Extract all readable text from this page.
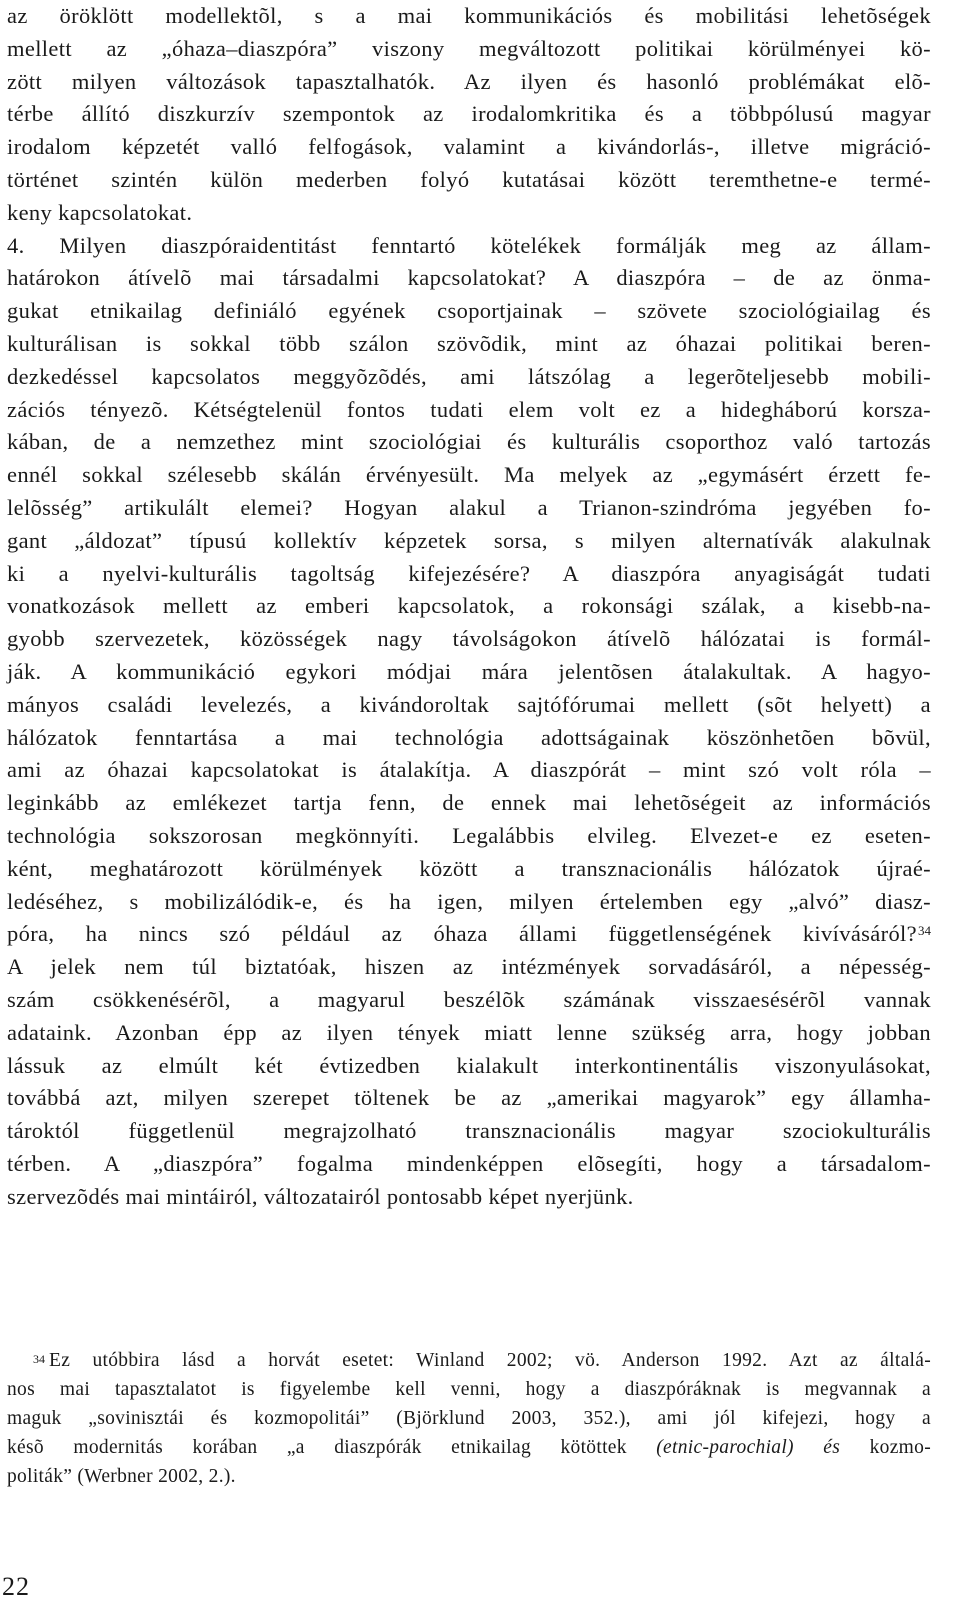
az öröklött modellektõl, s a mai kommunikációs és mobilitási lehetõségek
mellett az „óhaza–diaszpóra” viszony megváltozott politikai körülményei kö-
zött milyen változások tapasztalhatók. Az ilyen és hasonló problémákat elõ-
térbe állító diszkurzív szempontok az irodalomkritika és a többpólusú magyar
irodalom képzetét valló felfogások, valamint a kivándorlás-, illetve migráció-
történet szintén külön mederben folyó kutatásai között teremthetne-e termé-
keny kapcsolatokat.
4. Milyen diaszpóraidentitást fenntartó kötelékek formálják meg az állam-
határokon átívelõ mai társadalmi kapcsolatokat? A diaszpóra – de az önma-
gukat etnikailag definiáló egyének csoportjainak – szövete szociológiailag és
kulturálisan is sokkal több szálon szövõdik, mint az óhazai politikai beren-
dezkedéssel kapcsolatos meggyõzõdés, ami látszólag a legerõteljesebb mobili-
zációs tényezõ. Kétségtelenül fontos tudati elem volt ez a hidegháború korsza-
kában, de a nemzethez mint szociológiai és kulturális csoporthoz való tartozás
ennél sokkal szélesebb skálán érvényesült. Ma melyek az „egymásért érzett fe-
lelõsség” artikulált elemei? Hogyan alakul a Trianon-szindróma jegyében fo-
gant „áldozat” típusú kollektív képzetek sorsa, s milyen alternatívák alakulnak
ki a nyelvi-kulturális tagoltság kifejezésére? A diaszpóra anyagiságát tudati
vonatkozások mellett az emberi kapcsolatok, a rokonsági szálak, a kisebb-na-
gyobb szervezetek, közösségek nagy távolságokon átívelõ hálózatai is formál-
ják. A kommunikáció egykori módjai mára jelentõsen átalakultak. A hagyo-
mányos családi levelezés, a kivándoroltak sajtófórumai mellett (sõt helyett) a
hálózatok fenntartása a mai technológia adottságainak köszönhetõen bõvül,
ami az óhazai kapcsolatokat is átalakítja. A diaszpórát – mint szó volt róla –
leginkább az emlékezet tartja fenn, de ennek mai lehetõségeit az információs
technológia sokszorosan megkönnyíti. Legalábbis elvileg. Elvezet-e ez eseten-
ként, meghatározott körülmények között a transznacionális hálózatok újraé-
ledéséhez, s mobilizálódik-e, és ha igen, milyen értelemben egy „alvó” diasz-
póra, ha nincs szó például az óhaza állami függetlenségének kivívásáról?$^{34}$
A jelek nem túl biztatóak, hiszen az intézmények sorvadásáról, a népesség-
szám csökkenésérõl, a magyarul beszélõk számának visszaesésérõl vannak
adataink. Azonban épp az ilyen tények miatt lenne szükség arra, hogy jobban
lássuk az elmúlt két évtizedben kialakult interkontinentális viszonyulásokat,
továbbá azt, milyen szerepet töltenek be az „amerikai magyarok” egy államha-
tároktól függetlenül megrajzolható transznacionális magyar szociokulturális
térben. A „diaszpóra” fogalma mindenképpen elõsegíti, hogy a társadalom-
szervezõdés mai mintáiról, változatairól pontosabb képet nyerjünk.
$^{34}$ Ez utóbbira lásd a horvát esetet: Winland 2002; vö. Anderson 1992. Azt az általá-
nos mai tapasztalatot is figyelembe kell venni, hogy a diaszpóráknak is megvannak a
maguk „sovinisztái és kozmopolitái” (Björklund 2003, 352.), ami jól kifejezi, hogy a
késõ modernitás korában „a diaszpórák etnikailag kötöttek (etnic-parochial) és kozmo-
politák” (Werbner 2002, 2.).
22
